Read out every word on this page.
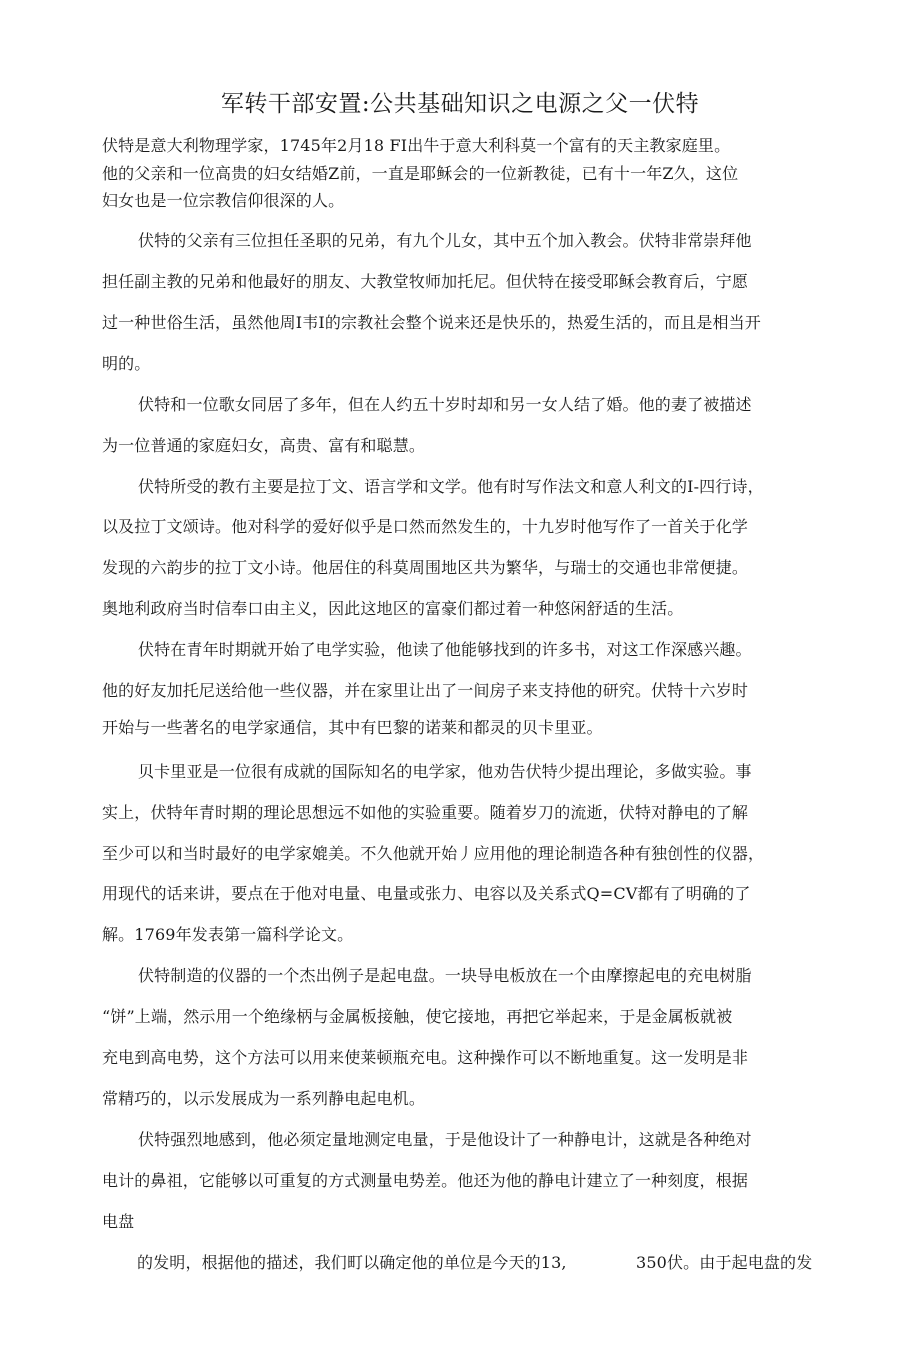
军转干部安置:公共基础知识之电源之父一伏特
伏特是意大利物理学家，1745年2月18 FI出牛于意大利科莫一个富有的天主教家庭里。
他的父亲和一位高贵的妇女结婚Z前，一直是耶稣会的一位新教徒，已有十一年Z久，这位
妇女也是一位宗教信仰很深的人。
伏特的父亲有三位担任圣职的兄弟，有九个儿女，其中五个加入教会。伏特非常崇拜他
担任副主教的兄弟和他最好的朋友、大教堂牧师加托尼。但伏特在接受耶稣会教育后，宁愿
过一种世俗生活，虽然他周I韦I的宗教社会整个说来还是快乐的，热爱生活的，而且是相当开
明的。
伏特和一位歌女同居了多年，但在人约五十岁时却和另一女人结了婚。他的妻了被描述
为一位普通的家庭妇女，高贵、富有和聪慧。
伏特所受的教冇主要是拉丁文、语言学和文学。他有时写作法文和意人利文的I-四行诗，
以及拉丁文颂诗。他对科学的爱好似乎是口然而然发生的，十九岁时他写作了一首关于化学
发现的六韵步的拉丁文小诗。他居住的科莫周围地区共为繁华，与瑞士的交通也非常便捷。
奥地利政府当时信奉口由主义，因此这地区的富豪们都过着一种悠闲舒适的生活。
伏特在青年时期就开始了电学实验，他读了他能够找到的许多书，对这工作深感兴趣。
他的好友加托尼送给他一些仪器，并在家里让出了一间房子来支持他的研究。伏特十六岁时
开始与一些著名的电学家通信，其中有巴黎的诺莱和都灵的贝卡里亚。
贝卡里亚是一位很有成就的国际知名的电学家，他劝告伏特少提出理论，多做实验。事
实上，伏特年青时期的理论思想远不如他的实验重要。随着岁刀的流逝，伏特对静电的了解
至少可以和当时最好的电学家媲美。不久他就开始丿应用他的理论制造各种有独创性的仪器，
用现代的话来讲，要点在于他对电量、电量或张力、电容以及关系式Q=CV都有了明确的了
解。1769年发表第一篇科学论文。
伏特制造的仪器的一个杰出例子是起电盘。一块导电板放在一个由摩擦起电的充电树脂
“饼”上端，然示用一个绝缘柄与金属板接触，使它接地，再把它举起来，于是金属板就被
充电到高电势，这个方法可以用来使莱顿瓶充电。这种操作可以不断地重复。这一发明是非
常精巧的，以示发展成为一系列静电起电机。
伏特强烈地感到，他必须定量地测定电量，于是他设计了一种静电计，这就是各种绝对
电计的鼻祖，它能够以可重复的方式测量电势差。他还为他的静电计建立了一种刻度，根据
电盘
的发明，根据他的描述，我们町以确定他的单位是今天的13,	350伏。由于起电盘的发
